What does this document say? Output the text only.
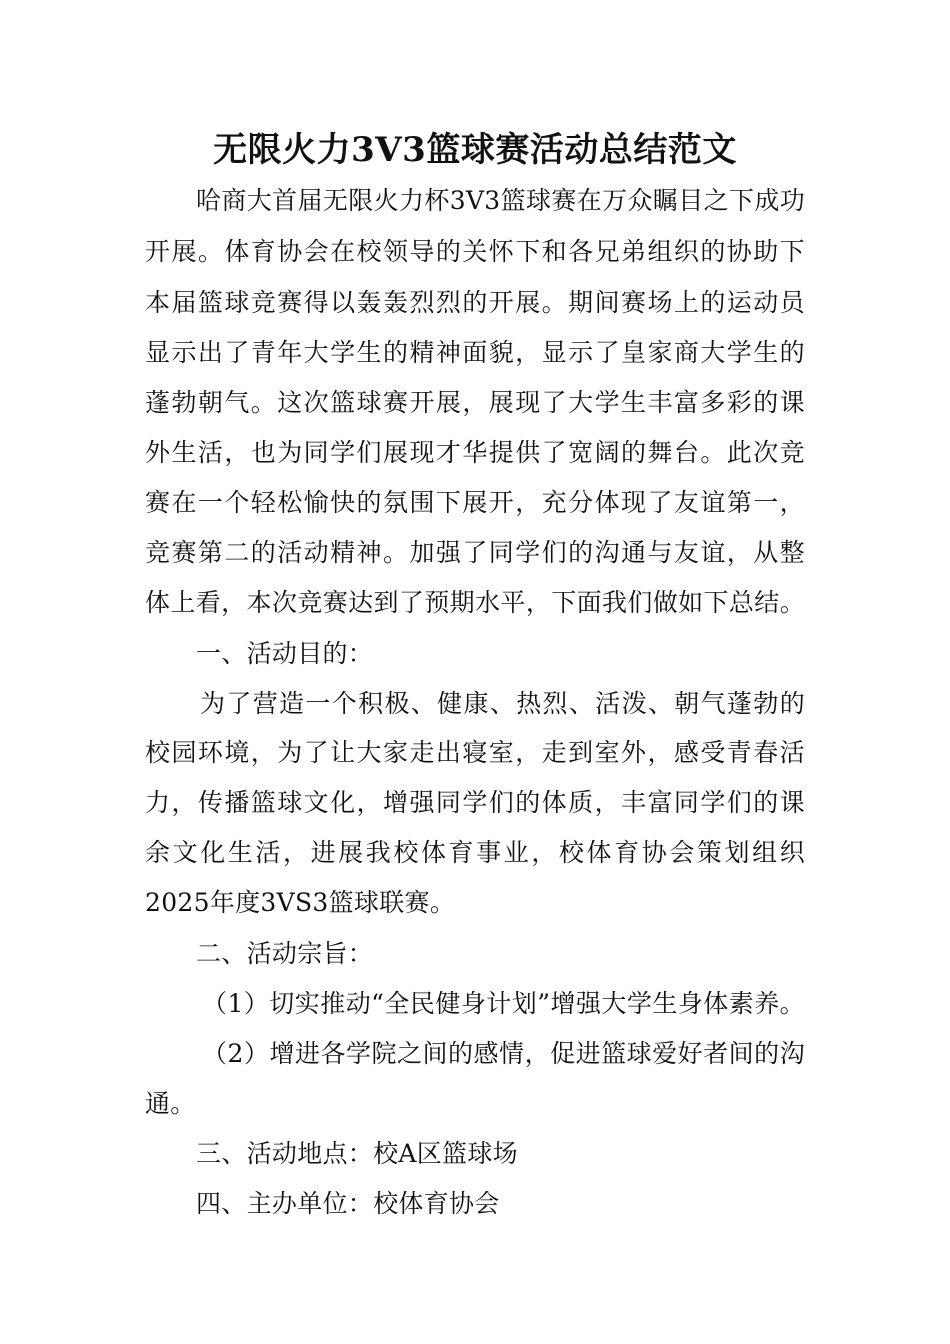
无限火力3V3篮球赛活动总结范文
哈商大首届无限火力杯3V3篮球赛在万众瞩目之下成功
开展。体育协会在校领导的关怀下和各兄弟组织的协助下
本届篮球竞赛得以轰轰烈烈的开展。期间赛场上的运动员
显示出了青年大学生的精神面貌，显示了皇家商大学生的
蓬勃朝气。这次篮球赛开展，展现了大学生丰富多彩的课
外生活，也为同学们展现才华提供了宽阔的舞台。此次竞
赛在一个轻松愉快的氛围下展开，充分体现了友谊第一，
竞赛第二的活动精神。加强了同学们的沟通与友谊，从整
体上看，本次竞赛达到了预期水平，下面我们做如下总结。
一、活动目的：
为了营造一个积极、健康、热烈、活泼、朝气蓬勃的
校园环境，为了让大家走出寝室，走到室外，感受青春活
力，传播篮球文化，增强同学们的体质，丰富同学们的课
余文化生活，进展我校体育事业，校体育协会策划组织
2025年度3VS3篮球联赛。
二、活动宗旨：
（1）切实推动“全民健身计划”增强大学生身体素养。
（2）增进各学院之间的感情，促进篮球爱好者间的沟
通。
三、活动地点：校A区篮球场
四、主办单位：校体育协会
